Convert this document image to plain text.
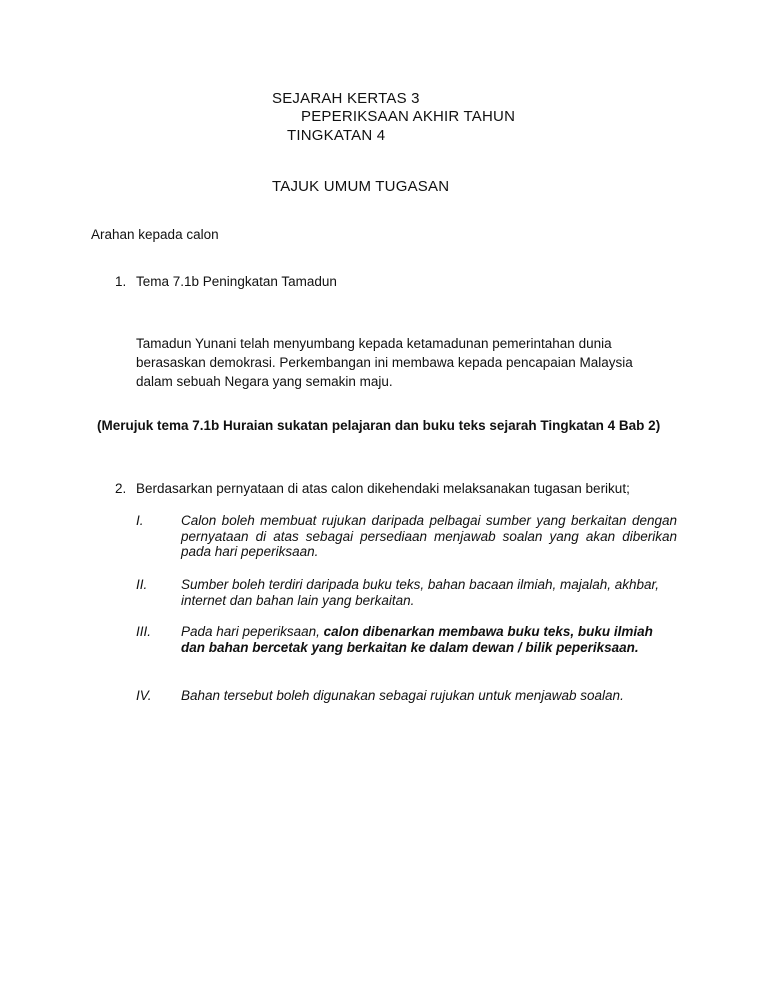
SEJARAH KERTAS 3
PEPERIKSAAN AKHIR TAHUN
TINGKATAN 4
TAJUK UMUM TUGASAN
Arahan kepada calon
1. Tema 7.1b Peningkatan Tamadun
Tamadun Yunani telah menyumbang kepada ketamadunan pemerintahan dunia
berasaskan demokrasi. Perkembangan ini membawa kepada pencapaian Malaysia
dalam sebuah Negara yang semakin maju.
(Merujuk tema 7.1b Huraian sukatan pelajaran dan buku teks sejarah Tingkatan 4 Bab 2)
2. Berdasarkan pernyataan di atas calon dikehendaki melaksanakan tugasan berikut;
I.	Calon boleh membuat rujukan daripada pelbagai sumber yang berkaitan dengan pernyataan di atas sebagai persediaan menjawab soalan yang akan diberikan pada hari peperiksaan.
II. Sumber boleh terdiri daripada buku teks, bahan bacaan ilmiah, majalah, akhbar, internet dan bahan lain yang berkaitan.
III. Pada hari peperiksaan, calon dibenarkan membawa buku teks, buku ilmiah dan bahan bercetak yang berkaitan ke dalam dewan / bilik peperiksaan.
IV. Bahan tersebut boleh digunakan sebagai rujukan untuk menjawab soalan.
